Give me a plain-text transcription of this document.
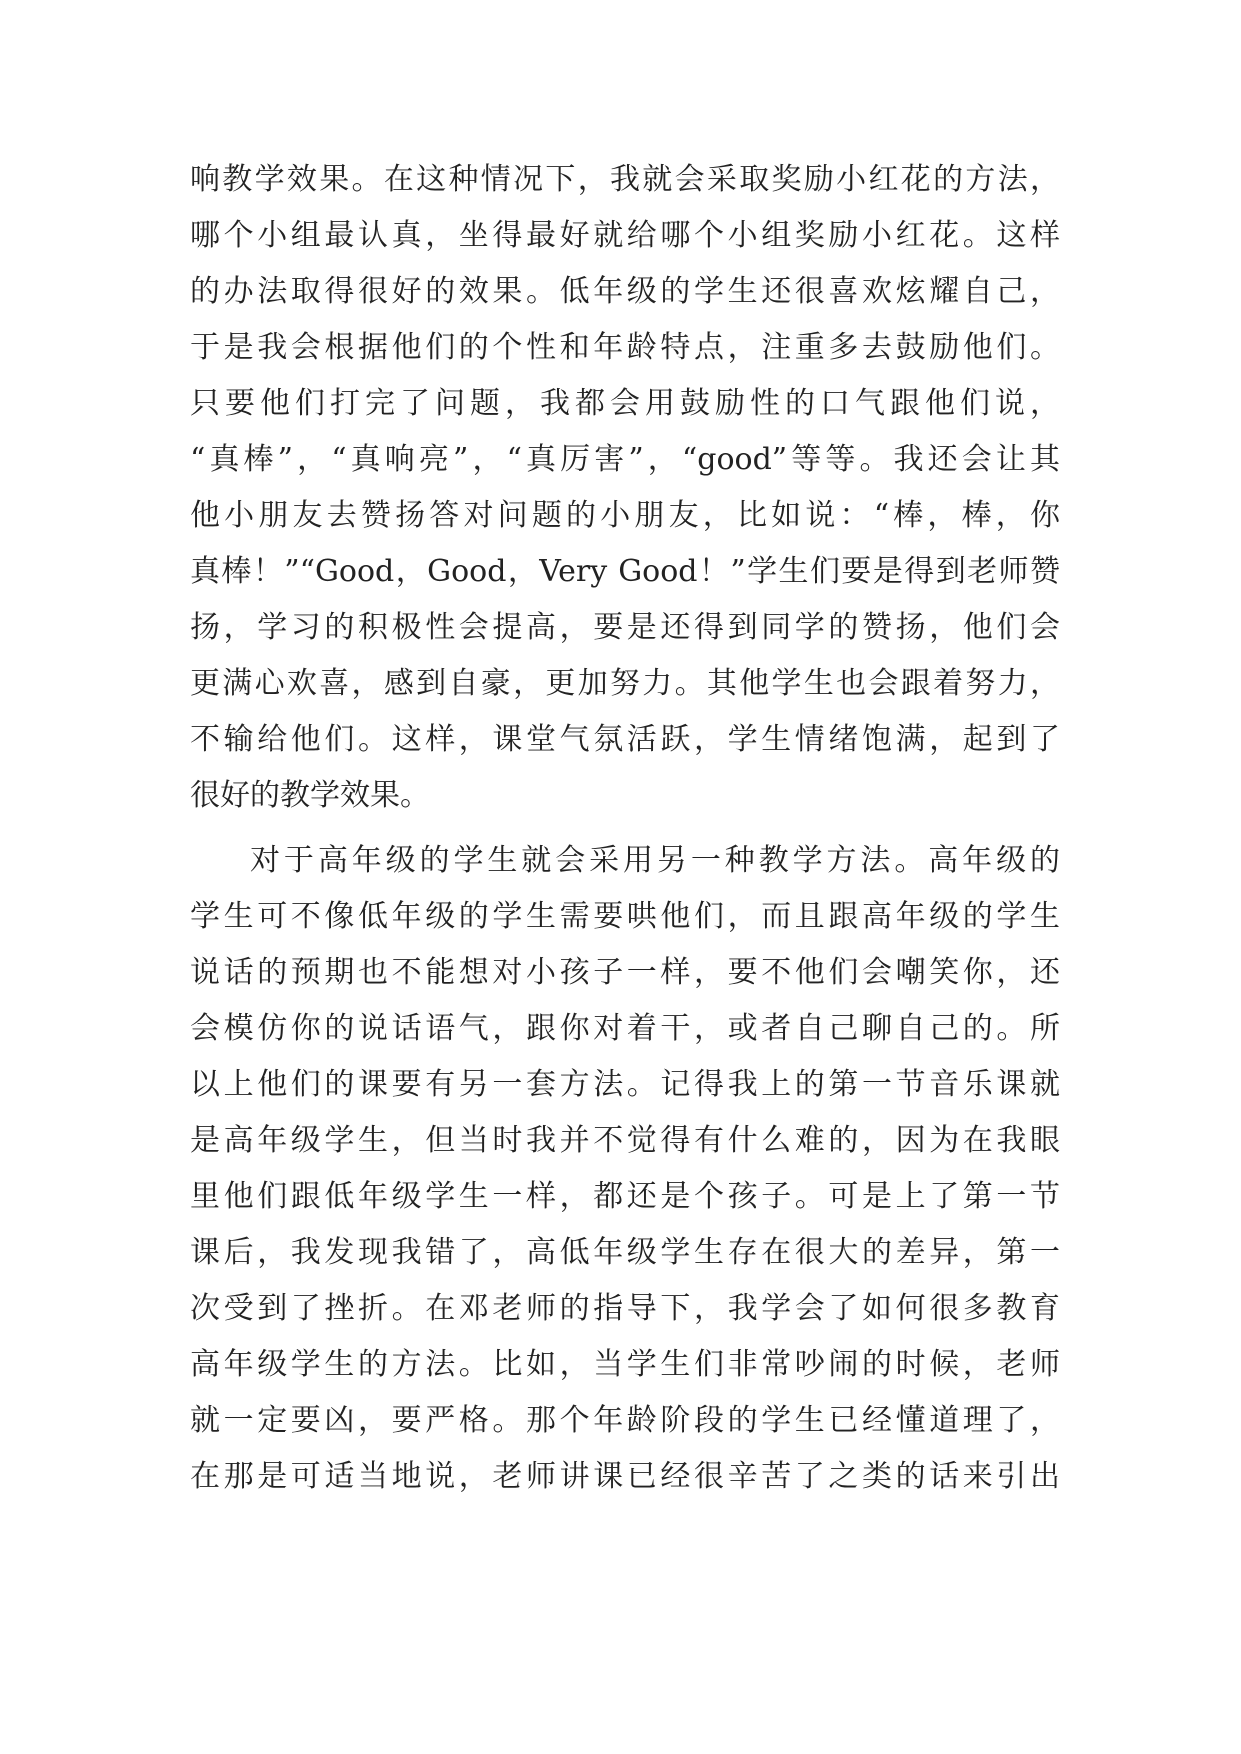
响教学效果。在这种情况下，我就会采取奖励小红花的方法，
哪个小组最认真，坐得最好就给哪个小组奖励小红花。这样
的办法取得很好的效果。低年级的学生还很喜欢炫耀自己，
于是我会根据他们的个性和年龄特点，注重多去鼓励他们。
只要他们打完了问题，我都会用鼓励性的口气跟他们说，
“真棒”，“真响亮”，“真厉害”，“good”等等。我还会让其
他小朋友去赞扬答对问题的小朋友，比如说：“棒，棒，你
真棒！”“Good，Good，Very Good！”学生们要是得到老师赞
扬，学习的积极性会提高，要是还得到同学的赞扬，他们会
更满心欢喜，感到自豪，更加努力。其他学生也会跟着努力，
不输给他们。这样，课堂气氛活跃，学生情绪饱满，起到了
很好的教学效果。

对于高年级的学生就会采用另一种教学方法。高年级的
学生可不像低年级的学生需要哄他们，而且跟高年级的学生
说话的预期也不能想对小孩子一样，要不他们会嘲笑你，还
会模仿你的说话语气，跟你对着干，或者自己聊自己的。所
以上他们的课要有另一套方法。记得我上的第一节音乐课就
是高年级学生，但当时我并不觉得有什么难的，因为在我眼
里他们跟低年级学生一样，都还是个孩子。可是上了第一节
课后，我发现我错了，高低年级学生存在很大的差异，第一
次受到了挫折。在邓老师的指导下，我学会了如何很多教育
高年级学生的方法。比如，当学生们非常吵闹的时候，老师
就一定要凶，要严格。那个年龄阶段的学生已经懂道理了，
在那是可适当地说，老师讲课已经很辛苦了之类的话来引出
